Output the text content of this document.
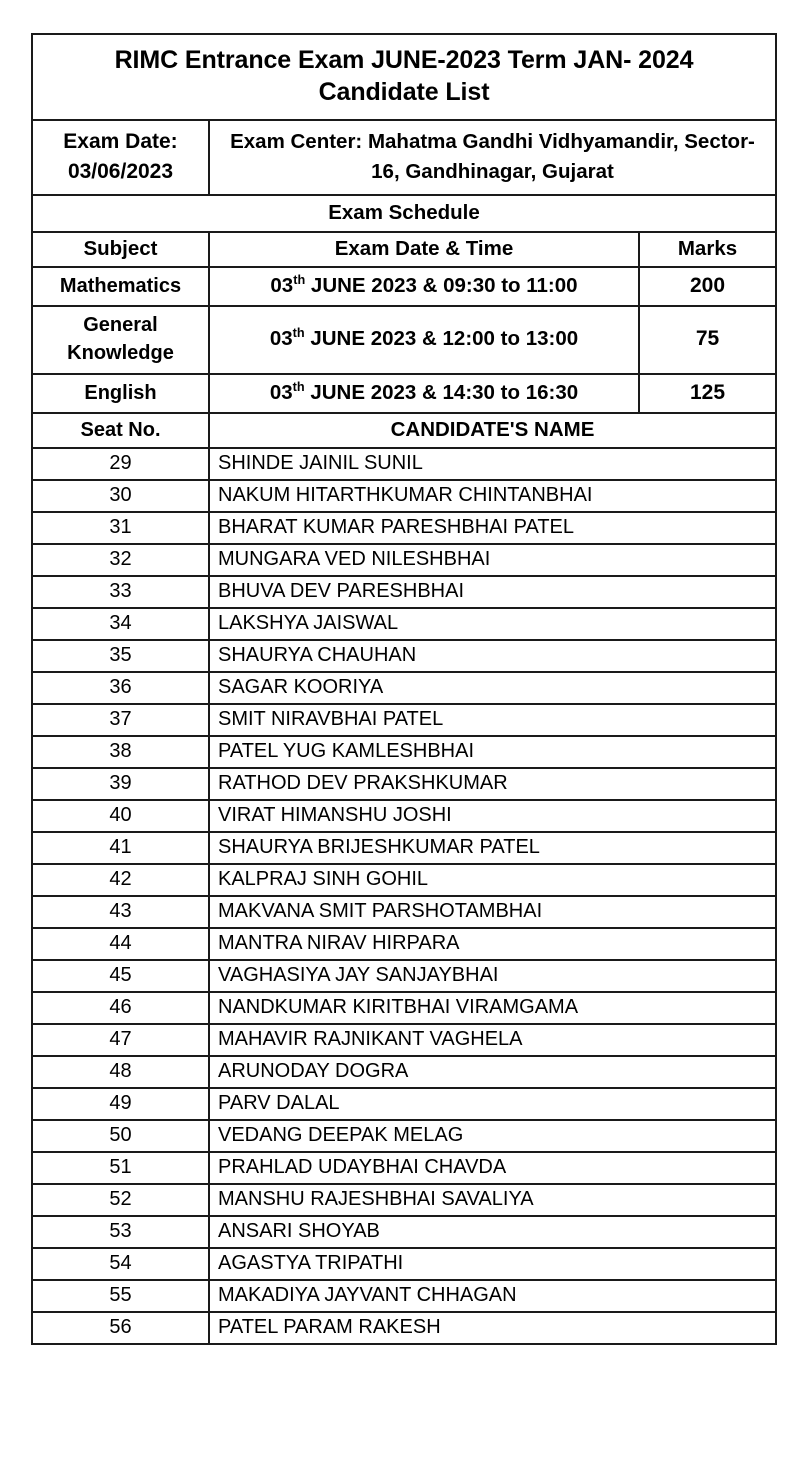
RIMC Entrance Exam JUNE-2023 Term JAN- 2024
Candidate List		

Exam Date:
03/06/2023	Exam Center: Mahatma Gandhi Vidhyamandir, Sector-16, Gandhinagar, Gujarat	
Exam Schedule		
Subject	Exam Date & Time	Marks
Mathematics	03th JUNE 2023 & 09:30 to 11:00	200
General Knowledge	03th JUNE 2023 & 12:00 to 13:00	75
English	03th JUNE 2023 & 14:30 to 16:30	125
Seat No.	CANDIDATE'S NAME	
29	SHINDE JAINIL SUNIL	
30	NAKUM HITARTHKUMAR CHINTANBHAI	
31	BHARAT KUMAR PARESHBHAI PATEL	
32	MUNGARA VED NILESHBHAI	
33	BHUVA DEV PARESHBHAI	
34	LAKSHYA JAISWAL	
35	SHAURYA CHAUHAN	
36	SAGAR KOORIYA	
37	SMIT NIRAVBHAI PATEL	
38	PATEL YUG KAMLESHBHAI	
39	RATHOD DEV PRAKSHKUMAR	
40	VIRAT HIMANSHU JOSHI	
41	SHAURYA BRIJESHKUMAR PATEL	
42	KALPRAJ SINH GOHIL	
43	MAKVANA SMIT PARSHOTAMBHAI	
44	MANTRA NIRAV HIRPARA	
45	VAGHASIYA JAY SANJAYBHAI	
46	NANDKUMAR KIRITBHAI VIRAMGAMA	
47	MAHAVIR RAJNIKANT VAGHELA	
48	ARUNODAY DOGRA	
49	PARV DALAL	
50	VEDANG DEEPAK MELAG	
51	PRAHLAD UDAYBHAI CHAVDA	
52	MANSHU RAJESHBHAI SAVALIYA	
53	ANSARI SHOYAB	
54	AGASTYA TRIPATHI	
55	MAKADIYA JAYVANT CHHAGAN	
56	PATEL PARAM RAKESH	
